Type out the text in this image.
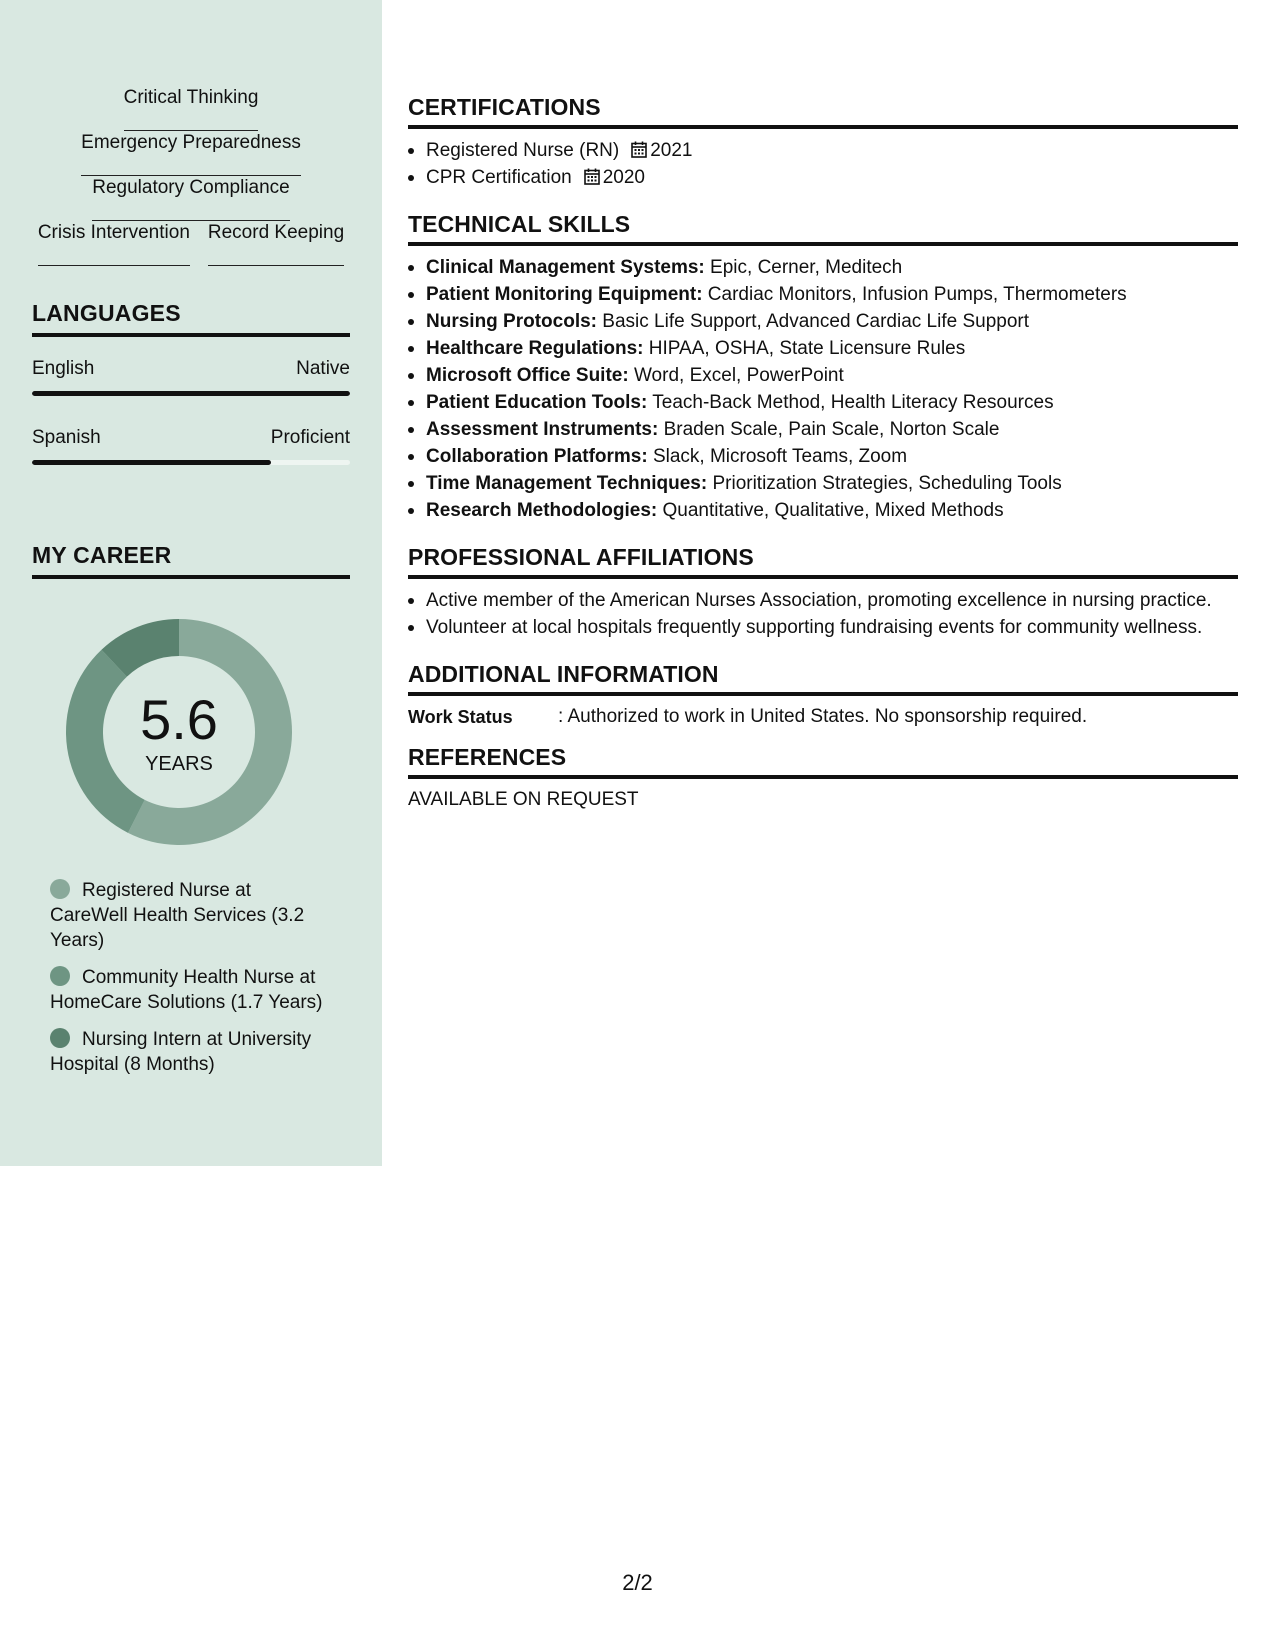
Critical Thinking
Emergency Preparedness
Regulatory Compliance
Crisis Intervention Record Keeping
LANGUAGES
English	Native
Spanish	Proficient
MY CAREER
5.6
YEARS
Registered Nurse at CareWell Health Services (3.2 Years)
Community Health Nurse at HomeCare Solutions (1.7 Years)
Nursing Intern at University Hospital (8 Months)
CERTIFICATIONS
Registered Nurse (RN) 2021
CPR Certification 2020
TECHNICAL SKILLS
Clinical Management Systems: Epic, Cerner, Meditech
Patient Monitoring Equipment: Cardiac Monitors, Infusion Pumps, Thermometers
Nursing Protocols: Basic Life Support, Advanced Cardiac Life Support
Healthcare Regulations: HIPAA, OSHA, State Licensure Rules
Microsoft Office Suite: Word, Excel, PowerPoint
Patient Education Tools: Teach-Back Method, Health Literacy Resources
Assessment Instruments: Braden Scale, Pain Scale, Norton Scale
Collaboration Platforms: Slack, Microsoft Teams, Zoom
Time Management Techniques: Prioritization Strategies, Scheduling Tools
Research Methodologies: Quantitative, Qualitative, Mixed Methods
PROFESSIONAL AFFILIATIONS
Active member of the American Nurses Association, promoting excellence in nursing practice.
Volunteer at local hospitals frequently supporting fundraising events for community wellness.
ADDITIONAL INFORMATION
Work Status	: Authorized to work in United States. No sponsorship required.
REFERENCES
AVAILABLE ON REQUEST
2/2
